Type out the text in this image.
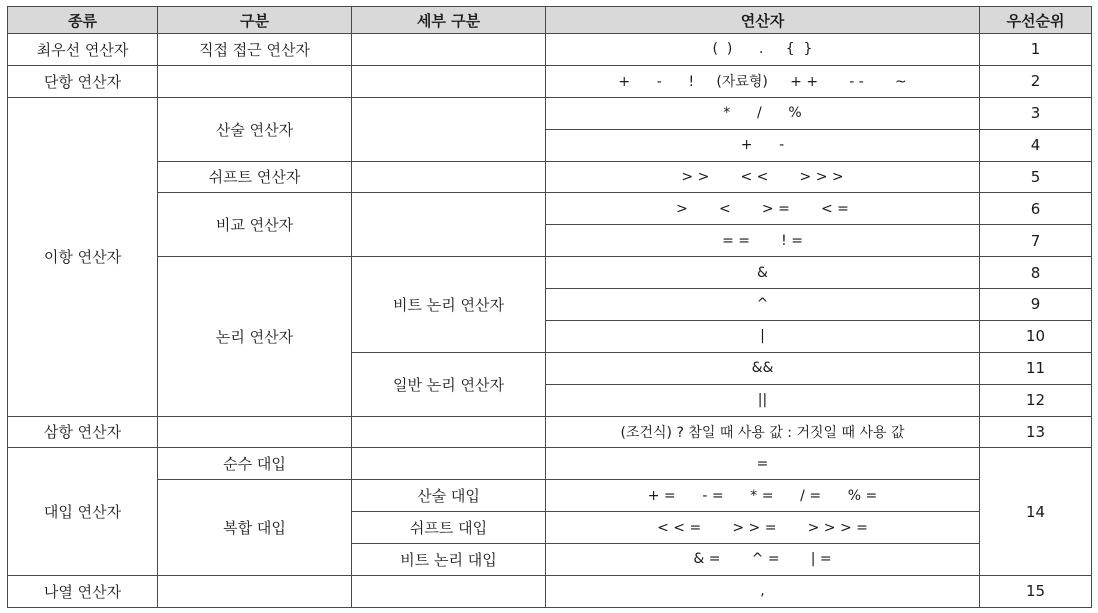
종류	구분	세부 구분	연산자	우선순위
최우선 연산자	직접 접근 연산자		(  )      .     {  }	1
단항 연산자			+      -      !     (자료형)     + +       - -       ~	2
이항 연산자	산술 연산자		*      /      %	3
			+      -	4
	쉬프트 연산자		> >       < <       > > >	5
	비교 연산자		>       <       > =       < =	6
			= =       ! =	7
	논리 연산자	비트 논리 연산자	&	8
			^	9
			|	10
		일반 논리 연산자	&&	11
			||	12
삼항 연산자			(조건식) ? 참일 때 사용 값 : 거짓일 때 사용 값	13
대입 연산자	순수 대입		=	14
	복합 대입	산술 대입	+ =      - =      * =      / =      % =	
		쉬프트 대입	< < =       > > =       > > > =	
		비트 논리 대입	& =       ^ =       | =	
나열 연산자			,	15
